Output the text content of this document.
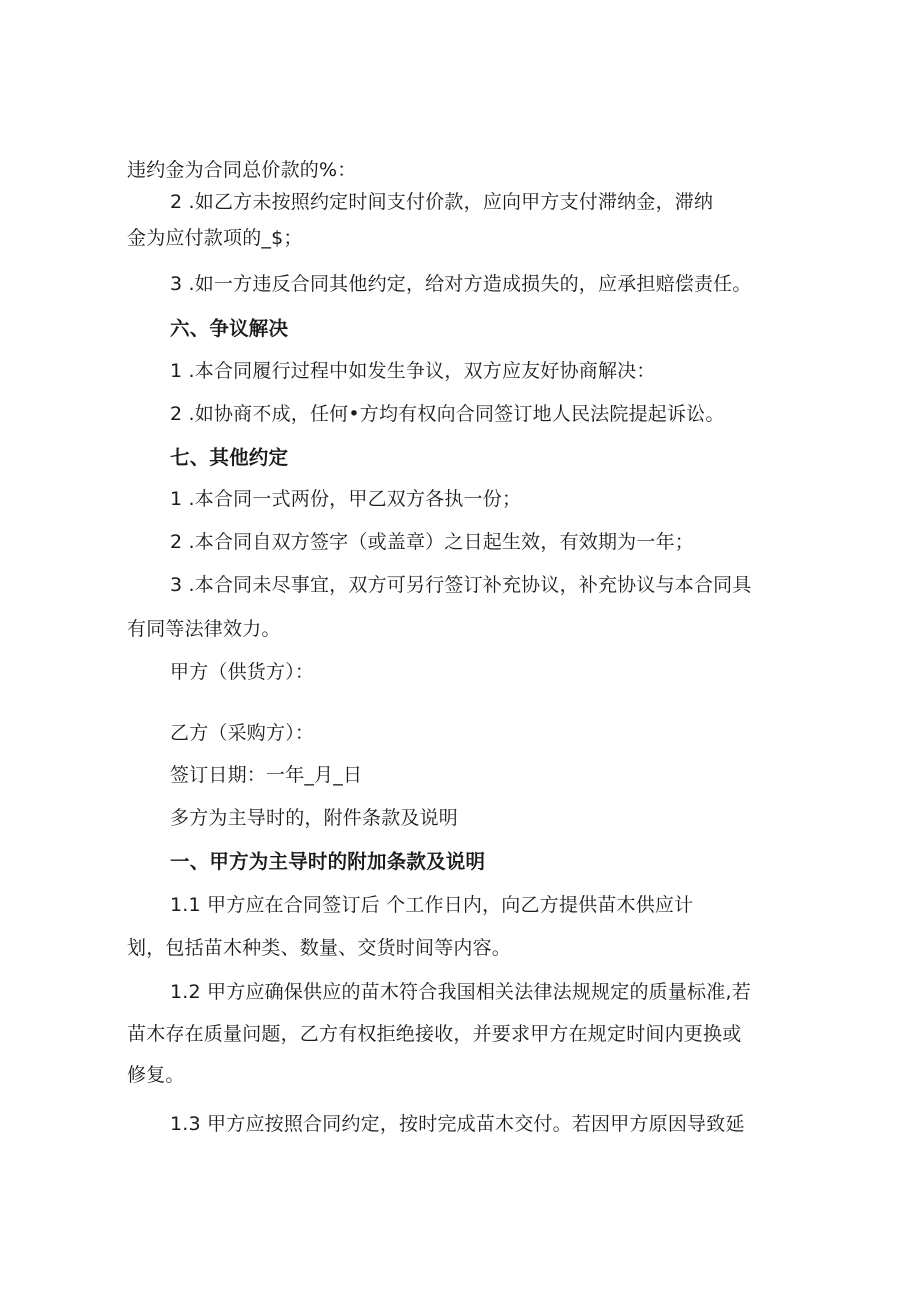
违约金为合同总价款的%：
2 .如乙方未按照约定时间支付价款，应向甲方支付滞纳金，滞纳
金为应付款项的_$；
3 .如一方违反合同其他约定，给对方造成损失的，应承担赔偿责任。
六、争议解决
1 .本合同履行过程中如发生争议，双方应友好协商解决：
2 .如协商不成，任何•方均有权向合同签订地人民法院提起诉讼。
七、其他约定
1 .本合同一式两份，甲乙双方各执一份；
2 .本合同自双方签字（或盖章）之日起生效，有效期为一年；
3 .本合同未尽事宜，双方可另行签订补充协议，补充协议与本合同具
有同等法律效力。
甲方（供货方）：
乙方（采购方）：
签订日期：一年_月_日
多方为主导时的，附件条款及说明
一、甲方为主导时的附加条款及说明
1.1 甲方应在合同签订后 个工作日内，向乙方提供苗木供应计
划，包括苗木种类、数量、交货时间等内容。
1.2 甲方应确保供应的苗木符合我国相关法律法规规定的质量标准,若
苗木存在质量问题，乙方有权拒绝接收，并要求甲方在规定时间内更换或
修复。
1.3 甲方应按照合同约定，按时完成苗木交付。若因甲方原因导致延
